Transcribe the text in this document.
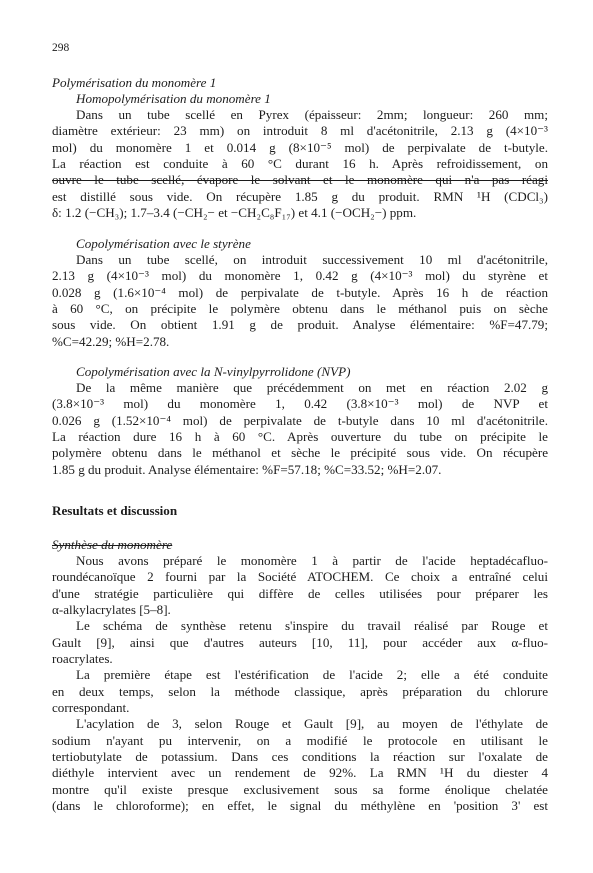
298
Polymérisation du monomère 1
Homopolymérisation du monomère 1
Dans un tube scellé en Pyrex (épaisseur: 2mm; longueur: 260 mm;
diamètre extérieur: 23 mm) on introduit 8 ml d'acétonitrile, 2.13 g (4×10⁻³
mol) du monomère 1 et 0.014 g (8×10⁻⁵ mol) de perpivalate de t-butyle.
La réaction est conduite à 60 °C durant 16 h. Après refroidissement, on
ouvre le tube scellé, évapore le solvant et le monomère qui n'a pas réagi
est distillé sous vide. On récupère 1.85 g du produit. RMN ¹H (CDCl₃)
δ: 1.2 (−CH₃); 1.7–3.4 (−CH₂− et −CH₂C₈F₁₇) et 4.1 (−OCH₂−) ppm.
Copolymérisation avec le styrène
Dans un tube scellé, on introduit successivement 10 ml d'acétonitrile,
2.13 g (4×10⁻³ mol) du monomère 1, 0.42 g (4×10⁻³ mol) du styrène et
0.028 g (1.6×10⁻⁴ mol) de perpivalate de t-butyle. Après 16 h de réaction
à 60 °C, on précipite le polymère obtenu dans le méthanol puis on sèche
sous vide. On obtient 1.91 g de produit. Analyse élémentaire: %F=47.79;
%C=42.29; %H=2.78.
Copolymérisation avec la N-vinylpyrrolidone (NVP)
De la même manière que précédemment on met en réaction 2.02 g
(3.8×10⁻³ mol) du monomère 1, 0.42 (3.8×10⁻³ mol) de NVP et
0.026 g (1.52×10⁻⁴ mol) de perpivalate de t-butyle dans 10 ml d'acétonitrile.
La réaction dure 16 h à 60 °C. Après ouverture du tube on précipite le
polymère obtenu dans le méthanol et sèche le précipité sous vide. On récupère
1.85 g du produit. Analyse élémentaire: %F=57.18; %C=33.52; %H=2.07.
Resultats et discussion
Synthèse du monomère
Nous avons préparé le monomère 1 à partir de l'acide heptadécafluo-
roundécanoïque 2 fourni par la Société ATOCHEM. Ce choix a entraîné celui
d'une stratégie particulière qui diffère de celles utilisées pour préparer les
α-alkylacrylates [5–8].
Le schéma de synthèse retenu s'inspire du travail réalisé par Rouge et
Gault [9], ainsi que d'autres auteurs [10, 11], pour accéder aux α-fluo-
roacrylates.
La première étape est l'estérification de l'acide 2; elle a été conduite
en deux temps, selon la méthode classique, après préparation du chlorure
correspondant.
L'acylation de 3, selon Rouge et Gault [9], au moyen de l'éthylate de
sodium n'ayant pu intervenir, on a modifié le protocole en utilisant le
tertiobutylate de potassium. Dans ces conditions la réaction sur l'oxalate de
diéthyle intervient avec un rendement de 92%. La RMN ¹H du diester 4
montre qu'il existe presque exclusivement sous sa forme énolique chelatée
(dans le chloroforme); en effet, le signal du méthylène en 'position 3' est
